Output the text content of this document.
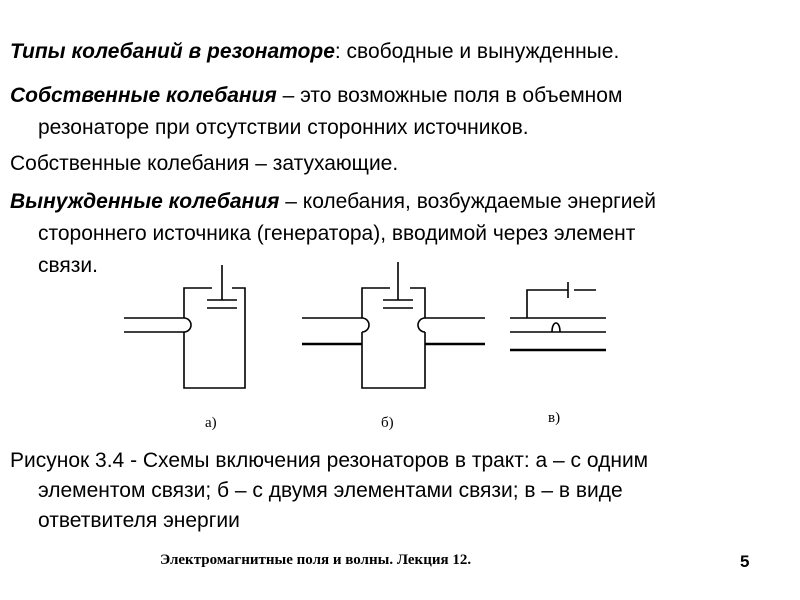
Типы колебаний в резонаторе: свободные и вынужденные.
Собственные колебания – это возможные поля в объемном
резонаторе при отсутствии сторонних источников.
Собственные колебания – затухающие.
Вынужденные колебания – колебания, возбуждаемые энергией
стороннего источника (генератора), вводимой через элемент
связи.
а)	б)	в)
Рисунок 3.4 - Схемы включения резонаторов в тракт: а – с одним
элементом связи; б – с двумя элементами связи; в – в виде
ответвителя энергии
Электромагнитные поля и волны. Лекция 12.	5
